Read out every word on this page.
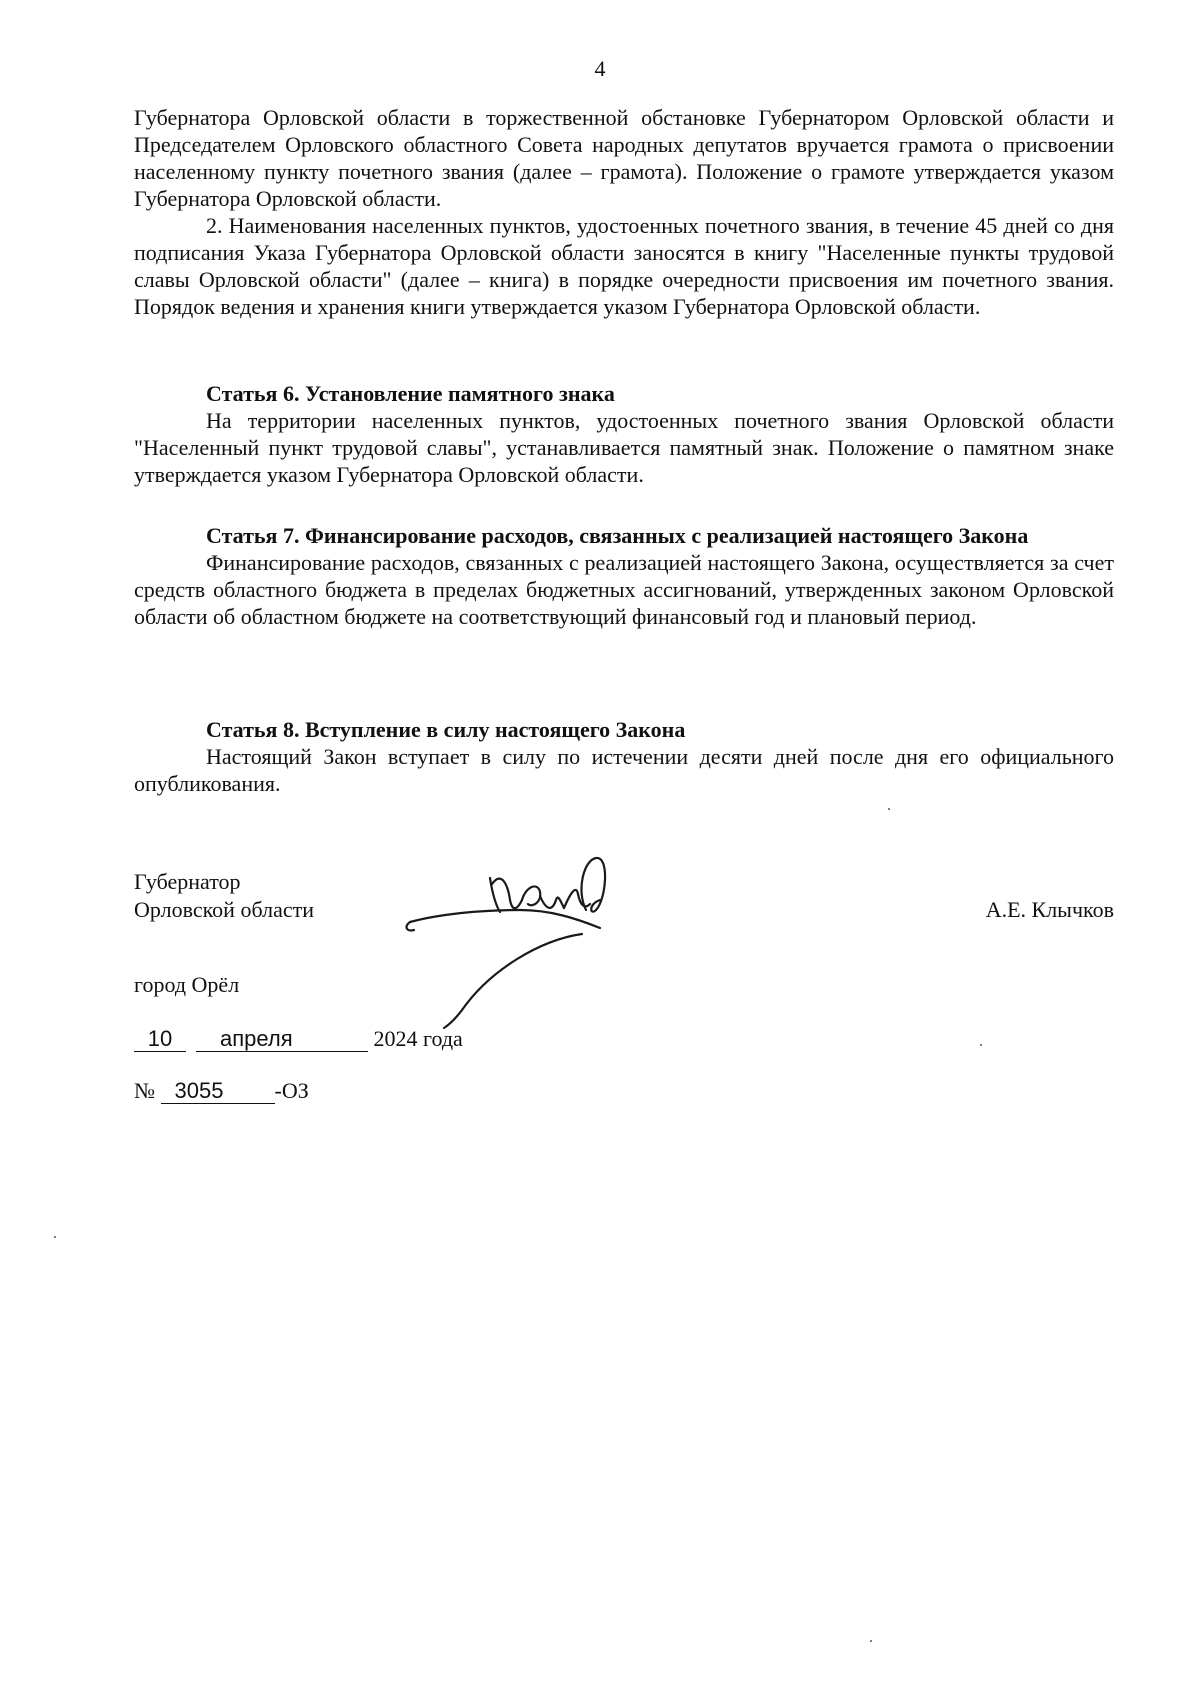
4

Губернатора Орловской области в торжественной обстановке Губернатором Орловской области и Председателем Орловского областного Совета народных депутатов вручается грамота о присвоении населенному пункту почетного звания (далее – грамота). Положение о грамоте утверждается указом Губернатора Орловской области.

2. Наименования населенных пунктов, удостоенных почетного звания, в течение 45 дней со дня подписания Указа Губернатора Орловской области заносятся в книгу "Населенные пункты трудовой славы Орловской области" (далее – книга) в порядке очередности присвоения им почетного звания. Порядок ведения и хранения книги утверждается указом Губернатора Орловской области.

Статья 6. Установление памятного знака

На территории населенных пунктов, удостоенных почетного звания Орловской области "Населенный пункт трудовой славы", устанавливается памятный знак. Положение о памятном знаке утверждается указом Губернатора Орловской области.

Статья 7. Финансирование расходов, связанных с реализацией настоящего Закона

Финансирование расходов, связанных с реализацией настоящего Закона, осуществляется за счет средств областного бюджета в пределах бюджетных ассигнований, утвержденных законом Орловской области об областном бюджете на соответствующий финансовый год и плановый период.

Статья 8. Вступление в силу настоящего Закона

Настоящий Закон вступает в силу по истечении десяти дней после дня его официального опубликования.

Губернатор
Орловской области	А.Е. Клычков
город Орёл
10 апреля	2024 года
№ 3055 -ОЗ
